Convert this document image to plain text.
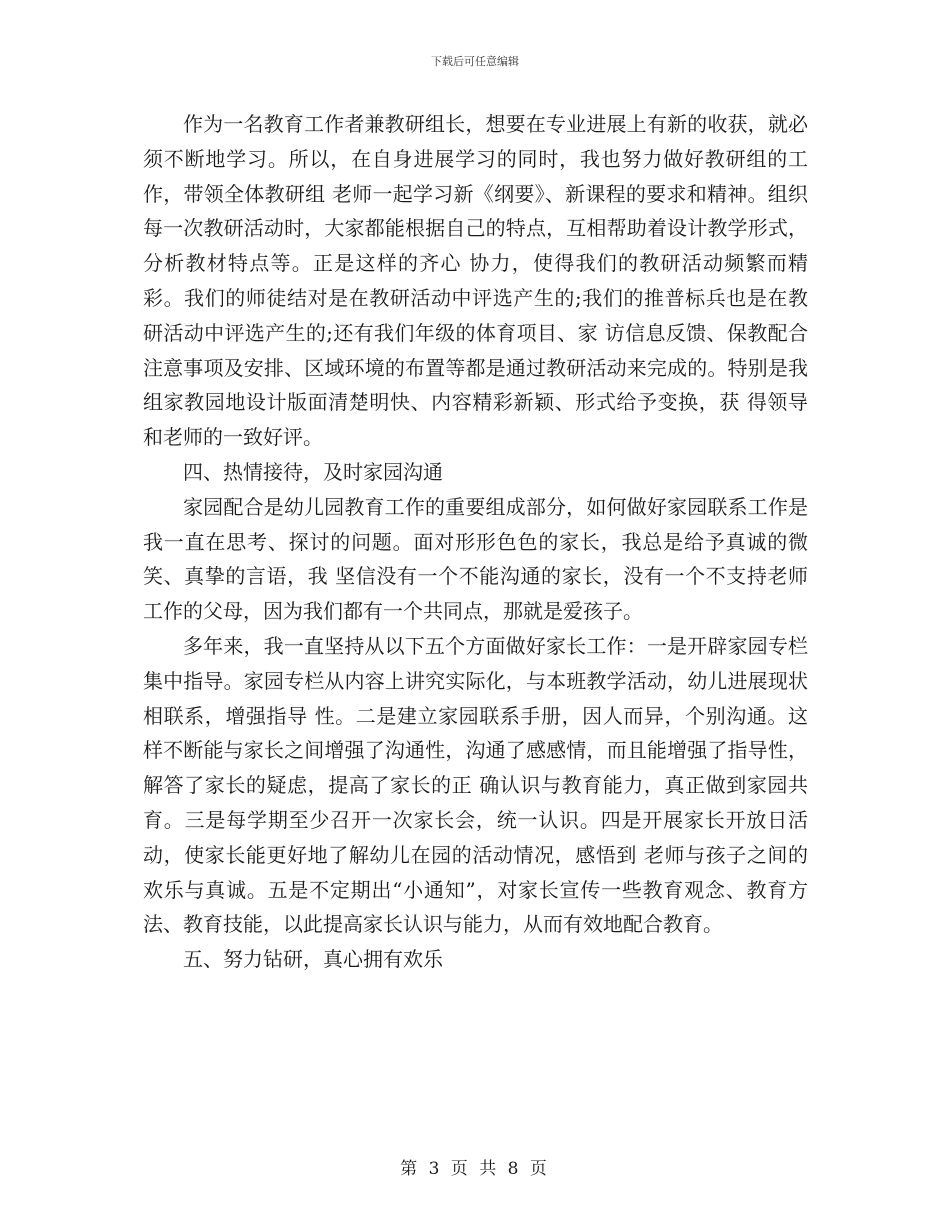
下载后可任意编辑

作为一名教育工作者兼教研组长，想要在专业进展上有新的收获，就必须不断地学习。所以，在自身进展学习的同时，我也努力做好教研组的工作，带领全体教研组 老师一起学习新《纲要》、新课程的要求和精神。组织每一次教研活动时，大家都能根据自己的特点，互相帮助着设计教学形式，分析教材特点等。正是这样的齐心 协力，使得我们的教研活动频繁而精彩。我们的师徒结对是在教研活动中评选产生的;我们的推普标兵也是在教研活动中评选产生的;还有我们年级的体育项目、家 访信息反馈、保教配合注意事项及安排、区域环境的布置等都是通过教研活动来完成的。特别是我组家教园地设计版面清楚明快、内容精彩新颖、形式给予变换，获 得领导和老师的一致好评。

四、热情接待，及时家园沟通

家园配合是幼儿园教育工作的重要组成部分，如何做好家园联系工作是我一直在思考、探讨的问题。面对形形色色的家长，我总是给予真诚的微笑、真挚的言语，我 坚信没有一个不能沟通的家长，没有一个不支持老师工作的父母，因为我们都有一个共同点，那就是爱孩子。

多年来，我一直坚持从以下五个方面做好家长工作：一是开辟家园专栏集中指导。家园专栏从内容上讲究实际化，与本班教学活动，幼儿进展现状相联系，增强指导 性。二是建立家园联系手册，因人而异，个别沟通。这样不断能与家长之间增强了沟通性，沟通了感感情，而且能增强了指导性，解答了家长的疑虑，提高了家长的正 确认识与教育能力，真正做到家园共育。三是每学期至少召开一次家长会，统一认识。四是开展家长开放日活动，使家长能更好地了解幼儿在园的活动情况，感悟到 老师与孩子之间的欢乐与真诚。五是不定期出“小通知”，对家长宣传一些教育观念、教育方法、教育技能，以此提高家长认识与能力，从而有效地配合教育。

五、努力钻研，真心拥有欢乐

第 3 页 共 8 页
